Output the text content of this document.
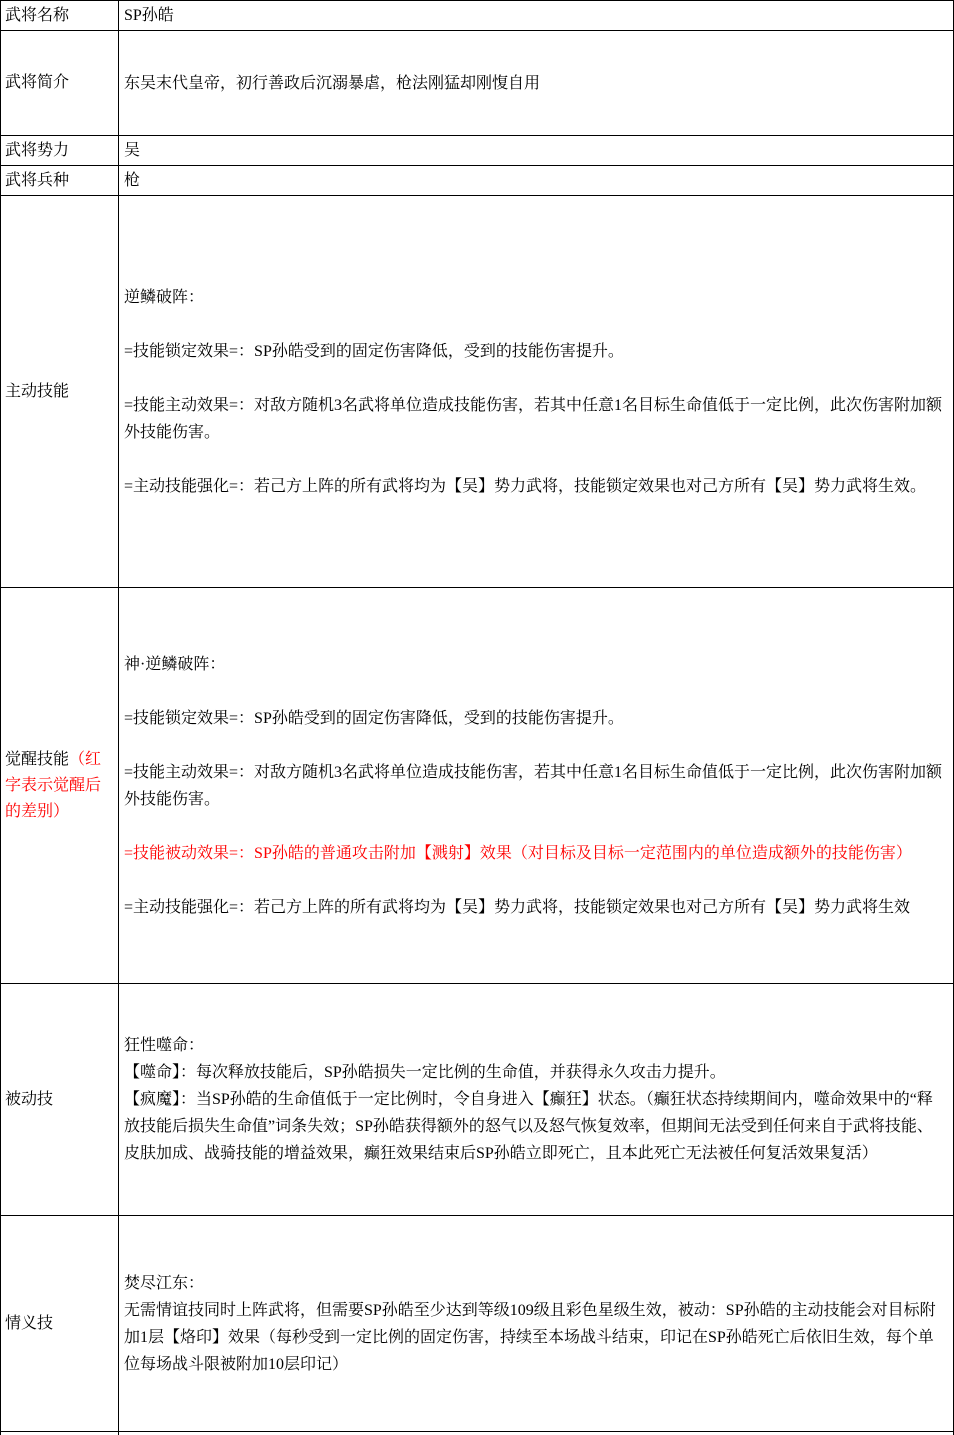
武将名称	SP孙皓

武将简介	东吴末代皇帝，初行善政后沉溺暴虐，枪法刚猛却刚愎自用

武将势力	吴

武将兵种	枪

主动技能	逆鳞破阵：

=技能锁定效果=：SP孙皓受到的固定伤害降低，受到的技能伤害提升。

=技能主动效果=：对敌方随机3名武将单位造成技能伤害，若其中任意1名目标生命值低于一定比例，此次伤害附加额外技能伤害。

=主动技能强化=：若己方上阵的所有武将均为【吴】势力武将，技能锁定效果也对己方所有【吴】势力武将生效。

觉醒技能（红字表示觉醒后的差别）	神·逆鳞破阵：

=技能锁定效果=：SP孙皓受到的固定伤害降低，受到的技能伤害提升。

=技能主动效果=：对敌方随机3名武将单位造成技能伤害，若其中任意1名目标生命值低于一定比例，此次伤害附加额外技能伤害。

=技能被动效果=：SP孙皓的普通攻击附加【溅射】效果（对目标及目标一定范围内的单位造成额外的技能伤害）

=主动技能强化=：若己方上阵的所有武将均为【吴】势力武将，技能锁定效果也对己方所有【吴】势力武将生效

被动技	狂性噬命：
【噬命】：每次释放技能后，SP孙皓损失一定比例的生命值，并获得永久攻击力提升。
【疯魔】：当SP孙皓的生命值低于一定比例时，令自身进入【癫狂】状态。（癫狂状态持续期间内，噬命效果中的“释放技能后损失生命值”词条失效；SP孙皓获得额外的怒气以及怒气恢复效率，但期间无法受到任何来自于武将技能、皮肤加成、战骑技能的增益效果，癫狂效果结束后SP孙皓立即死亡，且本此死亡无法被任何复活效果复活）

情义技	焚尽江东：
无需情谊技同时上阵武将，但需要SP孙皓至少达到等级109级且彩色星级生效，被动：SP孙皓的主动技能会对目标附加1层【烙印】效果（每秒受到一定比例的固定伤害，持续至本场战斗结束，印记在SP孙皓死亡后依旧生效，每个单位每场战斗限被附加10层印记）
